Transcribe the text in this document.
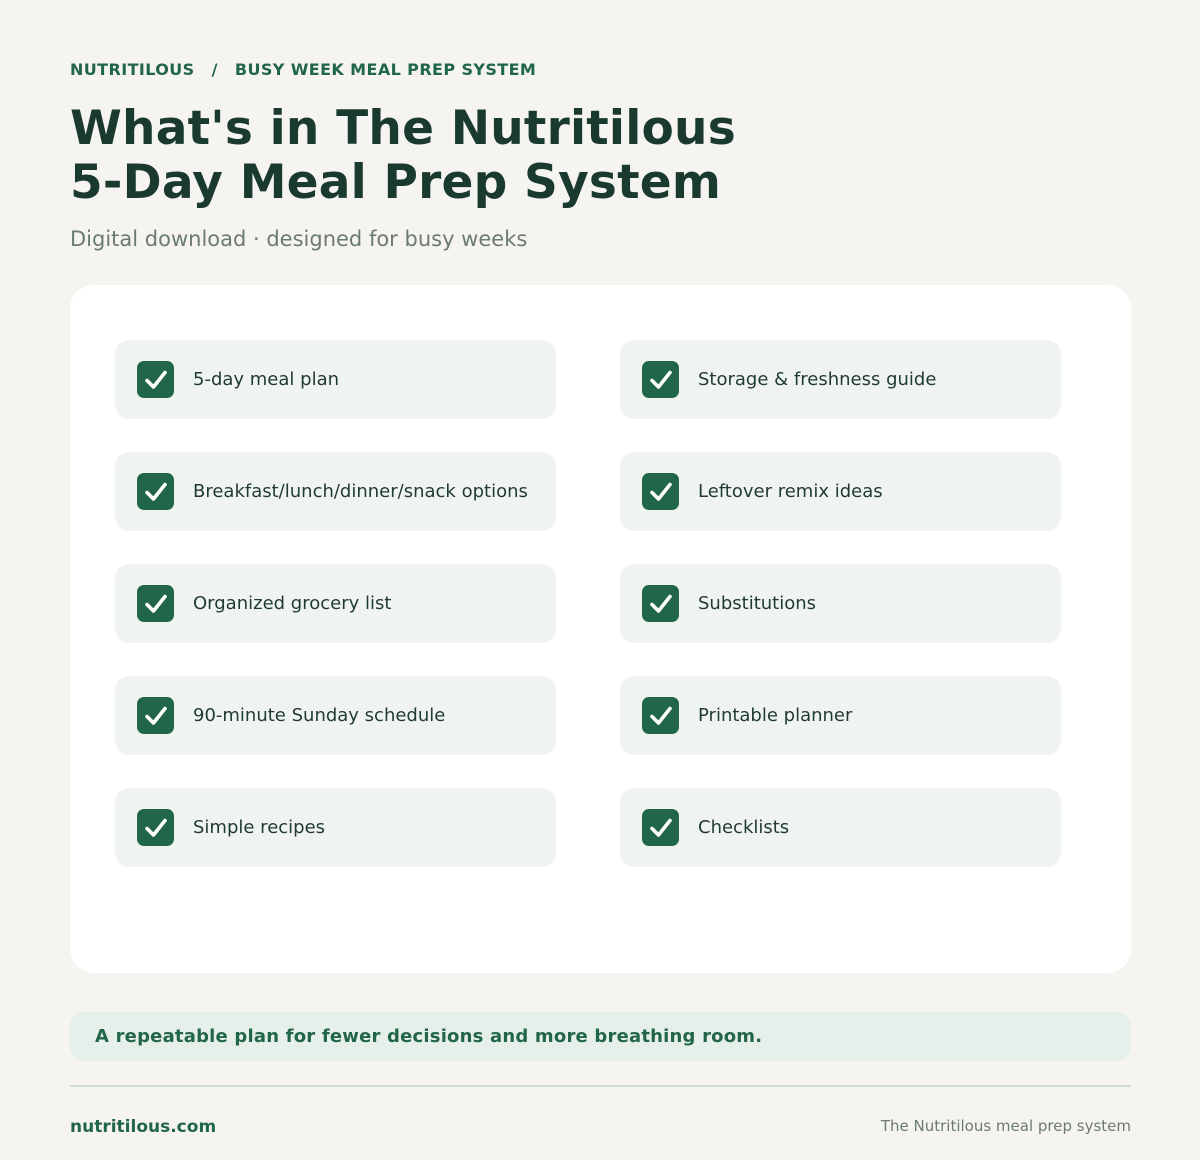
NUTRITILOUS / BUSY WEEK MEAL PREP SYSTEM
What's in The Nutritilous
5-Day Meal Prep System
Digital download · designed for busy weeks
5-day meal plan
Breakfast/lunch/dinner/snack options
Organized grocery list
90-minute Sunday schedule
Simple recipes
Storage & freshness guide
Leftover remix ideas
Substitutions
Printable planner
Checklists
A repeatable plan for fewer decisions and more breathing room.
nutritilous.com	The Nutritilous meal prep system
